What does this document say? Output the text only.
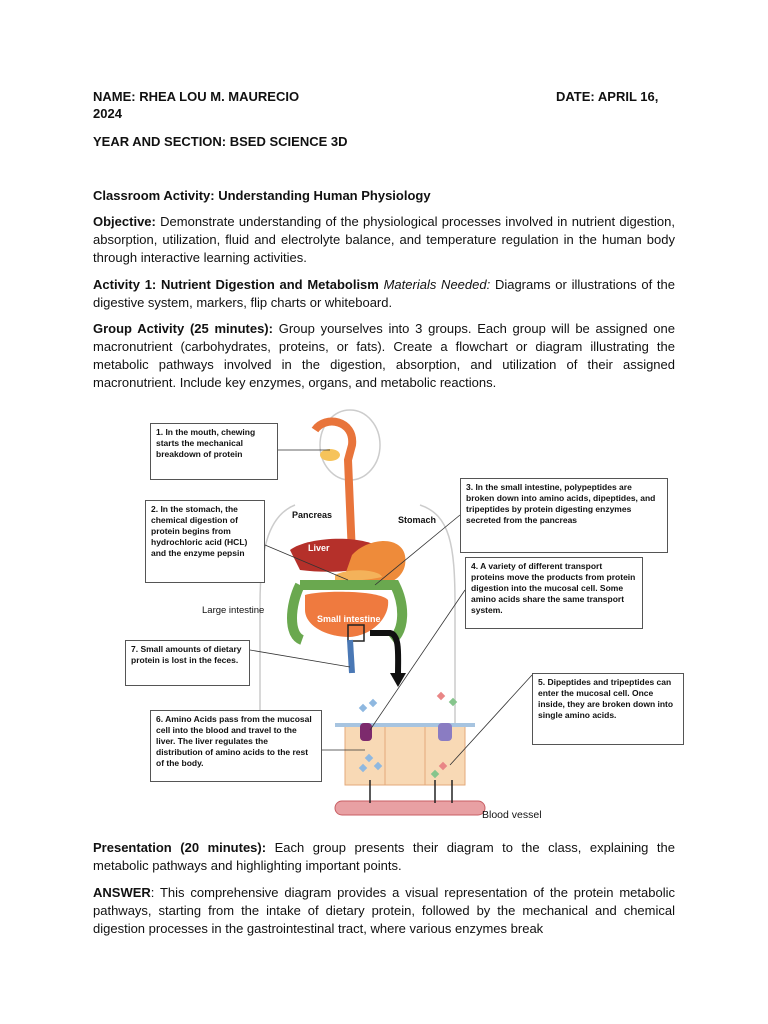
NAME: RHEA LOU M. MAURECIO	DATE: APRIL 16,
2024
YEAR AND SECTION: BSED SCIENCE 3D
Classroom Activity: Understanding Human Physiology

Objective: Demonstrate understanding of the physiological processes involved in nutrient digestion, absorption, utilization, fluid and electrolyte balance, and temperature regulation in the human body through interactive learning activities.

Activity 1: Nutrient Digestion and Metabolism Materials Needed: Diagrams or illustrations of the digestive system, markers, flip charts or whiteboard.

Group Activity (25 minutes): Group yourselves into 3 groups. Each group will be assigned one macronutrient (carbohydrates, proteins, or fats). Create a flowchart or diagram illustrating the metabolic pathways involved in the digestion, absorption, and utilization of their assigned macronutrient. Include key enzymes, organs, and metabolic reactions.

1. In the mouth, chewing starts the mechanical breakdown of protein
2. In the stomach, the chemical digestion of protein begins from hydrochloric acid (HCL) and the enzyme pepsin
3. In the small intestine, polypeptides are broken down into amino acids, dipeptides, and tripeptides by protein digesting enzymes secreted from the pancreas
4. A variety of different transport proteins move the products from protein digestion into the mucosal cell. Some amino acids share the same transport system.
5. Dipeptides and tripeptides can enter the mucosal cell. Once inside, they are broken down into single amino acids.
6. Amino Acids pass from the mucosal cell into the blood and travel to the liver. The liver regulates the distribution of amino acids to the rest of the body.
7. Small amounts of dietary protein is lost in the feces.
Pancreas	Stomach
Liver
Large intestine
Small intestine
Blood vessel

Presentation (20 minutes): Each group presents their diagram to the class, explaining the metabolic pathways and highlighting important points.

ANSWER: This comprehensive diagram provides a visual representation of the protein metabolic pathways, starting from the intake of dietary protein, followed by the mechanical and chemical digestion processes in the gastrointestinal tract, where various enzymes break
